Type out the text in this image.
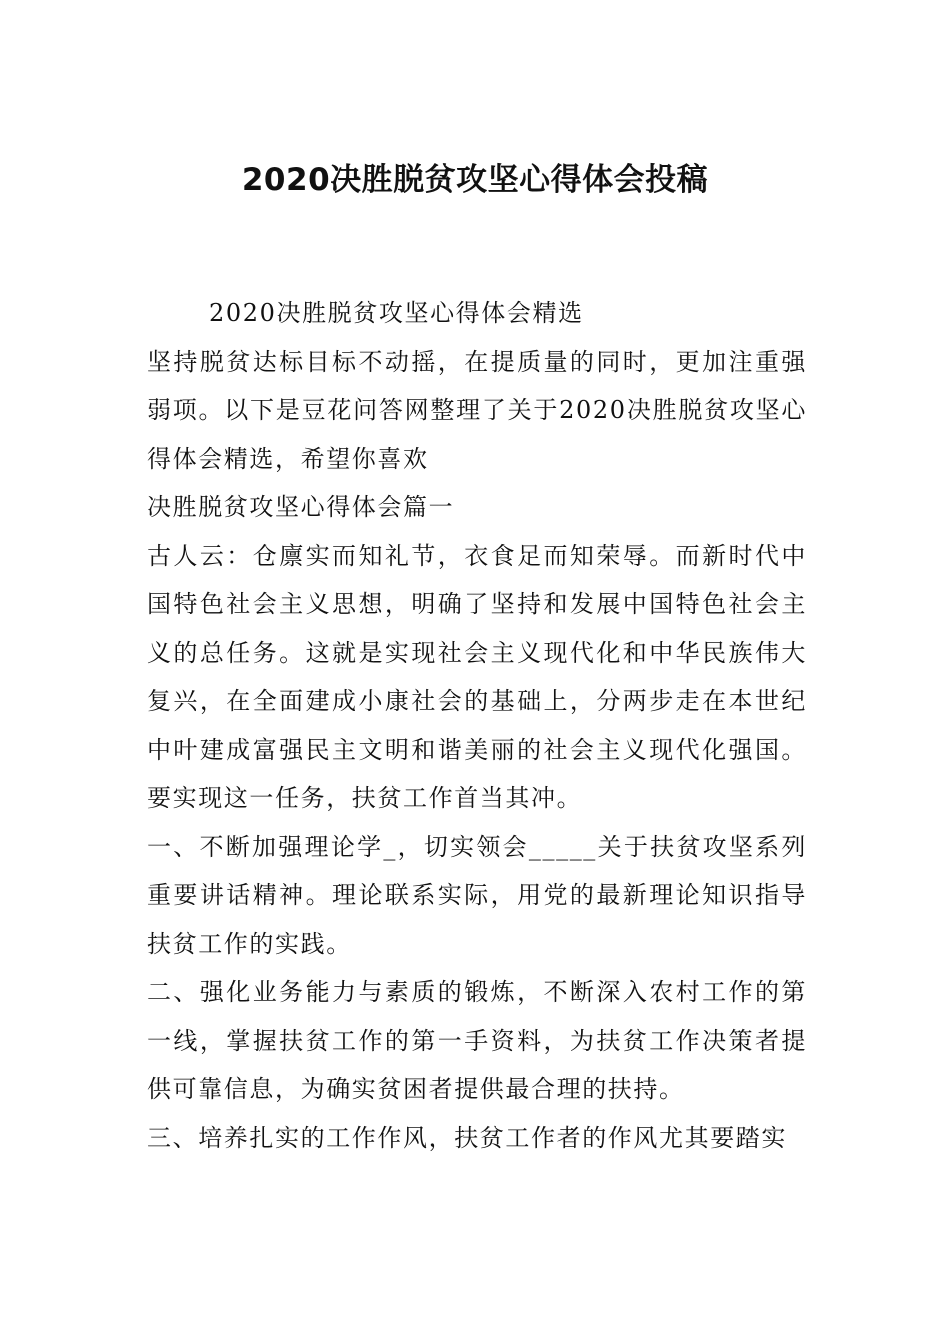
2020决胜脱贫攻坚心得体会投稿

2020决胜脱贫攻坚心得体会精选

坚持脱贫达标目标不动摇，在提质量的同时，更加注重强弱项。以下是豆花问答网整理了关于2020决胜脱贫攻坚心得体会精选，希望你喜欢

决胜脱贫攻坚心得体会篇一

古人云：仓廪实而知礼节，衣食足而知荣辱。而新时代中国特色社会主义思想，明确了坚持和发展中国特色社会主义的总任务。这就是实现社会主义现代化和中华民族伟大复兴，在全面建成小康社会的基础上，分两步走在本世纪中叶建成富强民主文明和谐美丽的社会主义现代化强国。要实现这一任务，扶贫工作首当其冲。

一、不断加强理论学_，切实领会_____关于扶贫攻坚系列重要讲话精神。理论联系实际，用党的最新理论知识指导扶贫工作的实践。

二、强化业务能力与素质的锻炼，不断深入农村工作的第一线，掌握扶贫工作的第一手资料，为扶贫工作决策者提供可靠信息，为确实贫困者提供最合理的扶持。

三、培养扎实的工作作风，扶贫工作者的作风尤其要踏实
